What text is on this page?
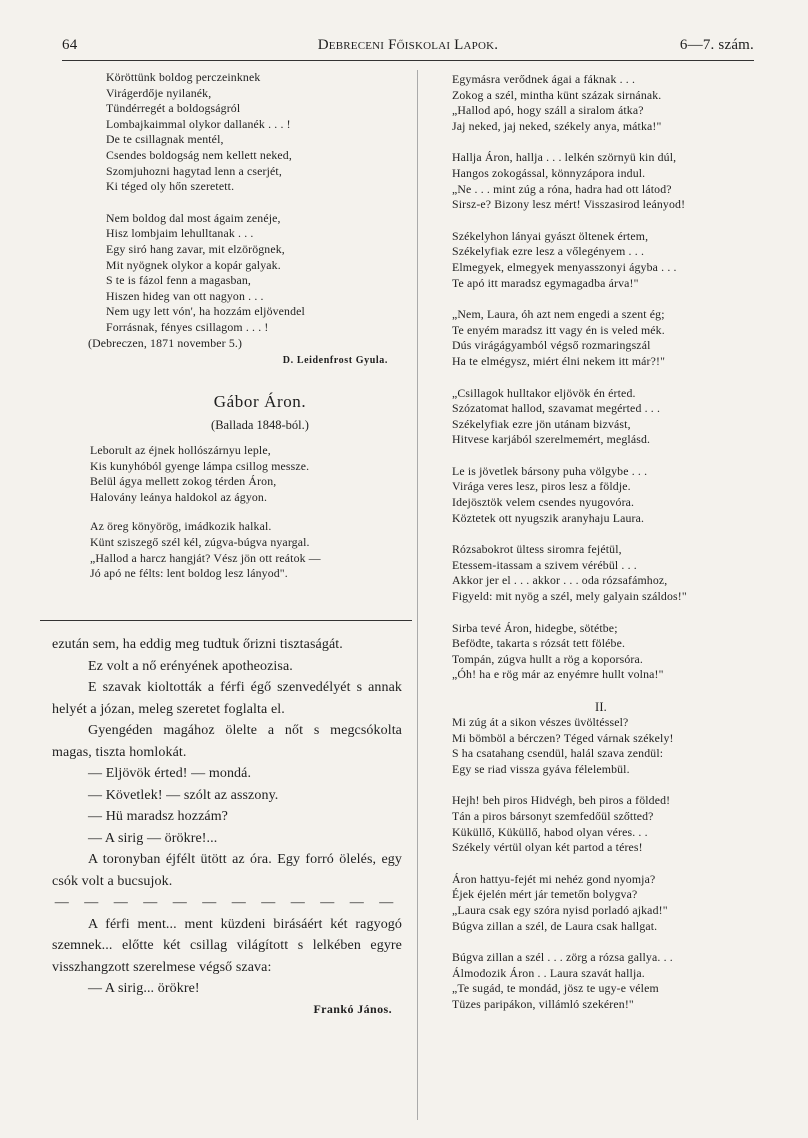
64	Debreceni Főiskolai Lapok.	6—7. szám.
Köröttünk boldog perczeinknek
Virágerdője nyilanék,
Tündérregét a boldogságról
Lombajkaimmal olykor dallanék . . . !
De te csillagnak mentél,
Csendes boldogság nem kellett neked,
Szomjuhozni hagytad lenn a cserjét,
Ki téged oly hőn szeretett.
Nem boldog dal most ágaim zenéje,
Hisz lombjaim lehulltanak . . .
Egy siró hang zavar, mit elzörögnek,
Mit nyögnek olykor a kopár galyak.
S te is fázol fenn a magasban,
Hiszen hideg van ott nagyon . . .
Nem ugy lett vón', ha hozzám eljövendel
Forrásnak, fényes csillagom . . . !
(Debreczen, 1871 november 5.)
D. Leidenfrost Gyula.
Gábor Áron.
(Ballada 1848-ból.)
Leborult az éjnek hollószárnyu leple,
Kis kunyhóból gyenge lámpa csillog messze.
Belül ágya mellett zokog térden Áron,
Halovány leánya haldokol az ágyon.
Az öreg könyörög, imádkozik halkal.
Künt sziszegő szél kél, zúgva-búgva nyargal.
„Hallod a harcz hangját? Vész jön ott reátok —
Jó apó ne félts: lent boldog lesz lányod".

ezután sem, ha eddig meg tudtuk őrizni tisztaságát.

Ez volt a nő erényének apotheozisa.

E szavak kioltották a férfi égő szenvedélyét s annak helyét a józan, meleg szeretet foglalta el.

Gyengéden magához ölelte a nőt s megcsókolta magas, tiszta homlokát.

— Eljövök érted! — mondá.

— Követlek! — szólt az asszony.

— Hü maradsz hozzám?

— A sirig — örökre!...

A toronyban éjfélt ütött az óra. Egy forró ölelés, egy csók volt a bucsujok.

— — — — — — — — — — — —

A férfi ment... ment küzdeni birásáért két ragyogó szemnek... előtte két csillag világított s lelkében egyre visszhangzott szerelmese végső szava:

— A sirig... örökre!

Frankó János.
Egymásra verődnek ágai a fáknak . . .
Zokog a szél, mintha künt százak sirnának.
„Hallod apó, hogy száll a siralom átka?
Jaj neked, jaj neked, székely anya, mátka!"
Hallja Áron, hallja . . . lelkén szörnyü kin dúl,
Hangos zokogással, könnyzápora indul.
„Ne . . . mint zúg a róna, hadra had ott látod?
Sirsz-e? Bizony lesz mért! Visszasirod leányod!
Székelyhon lányai gyászt öltenek értem,
Székelyfiak ezre lesz a vőlegényem . . .
Elmegyek, elmegyek menyasszonyi ágyba . . .
Te apó itt maradsz egymagadba árva!"
„Nem, Laura, óh azt nem engedi a szent ég;
Te enyém maradsz itt vagy én is veled mék.
Dús virágágyamból végső rozmaringszál
Ha te elmégysz, miért élni nekem itt már?!"
„Csillagok hulltakor eljövök én érted.
Szózatomat hallod, szavamat megérted . . .
Székelyfiak ezre jön utánam bizvást,
Hitvese karjából szerelmemért, meglásd.
Le is jövetlek bársony puha völgybe . . .
Virága veres lesz, piros lesz a földje.
Idejösztök velem csendes nyugovóra.
Köztetek ott nyugszik aranyhaju Laura.
Rózsabokrot ültess siromra fejétül,
Etessem-itassam a szivem vérébül . . .
Akkor jer el . . . akkor . . . oda rózsafámhoz,
Figyeld: mit nyög a szél, mely galyain száldos!"
Sirba tevé Áron, hidegbe, sötétbe;
Befödte, takarta s rózsát tett fölébe.
Tompán, zúgva hullt a rög a koporsóra.
„Óh! ha e rög már az enyémre hullt volna!"
II.
Mi zúg át a sikon vészes üvöltéssel?
Mi bömböl a bérczen? Téged várnak székely!
S ha csatahang csendül, halál szava zendül:
Egy se riad vissza gyáva félelembül.
Hejh! beh piros Hidvégh, beh piros a földed!
Tán a piros bársonyt szemfedőül szőtted?
Küküllő, Küküllő, habod olyan véres. . .
Székely vértül olyan két partod a téres!
Áron hattyu-fejét mi nehéz gond nyomja?
Éjek éjelén mért jár temetőn bolygva?
„Laura csak egy szóra nyisd porladó ajkad!"
Búgva zillan a szél, de Laura csak hallgat.
Búgva zillan a szél . . . zörg a rózsa gallya. . .
Álmodozik Áron . . Laura szavát hallja.
„Te sugád, te mondád, jösz te ugy-e vélem
Tüzes paripákon, villámló szekéren!"
